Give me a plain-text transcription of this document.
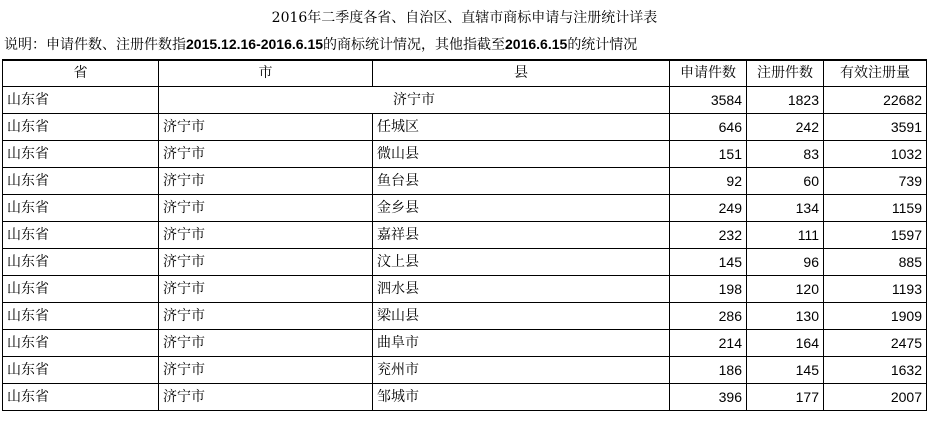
2016年二季度各省、自治区、直辖市商标申请与注册统计详表
说明：申请件数、注册件数指2015.12.16-2016.6.15的商标统计情况，其他指截至2016.6.15的统计情况
省	市	县	申请件数	注册件数	有效注册量
山东省	济宁市		3584	1823	22682
山东省	济宁市	任城区	646	242	3591
山东省	济宁市	微山县	151	83	1032
山东省	济宁市	鱼台县	92	60	739
山东省	济宁市	金乡县	249	134	1159
山东省	济宁市	嘉祥县	232	111	1597
山东省	济宁市	汶上县	145	96	885
山东省	济宁市	泗水县	198	120	1193
山东省	济宁市	梁山县	286	130	1909
山东省	济宁市	曲阜市	214	164	2475
山东省	济宁市	兖州市	186	145	1632
山东省	济宁市	邹城市	396	177	2007
